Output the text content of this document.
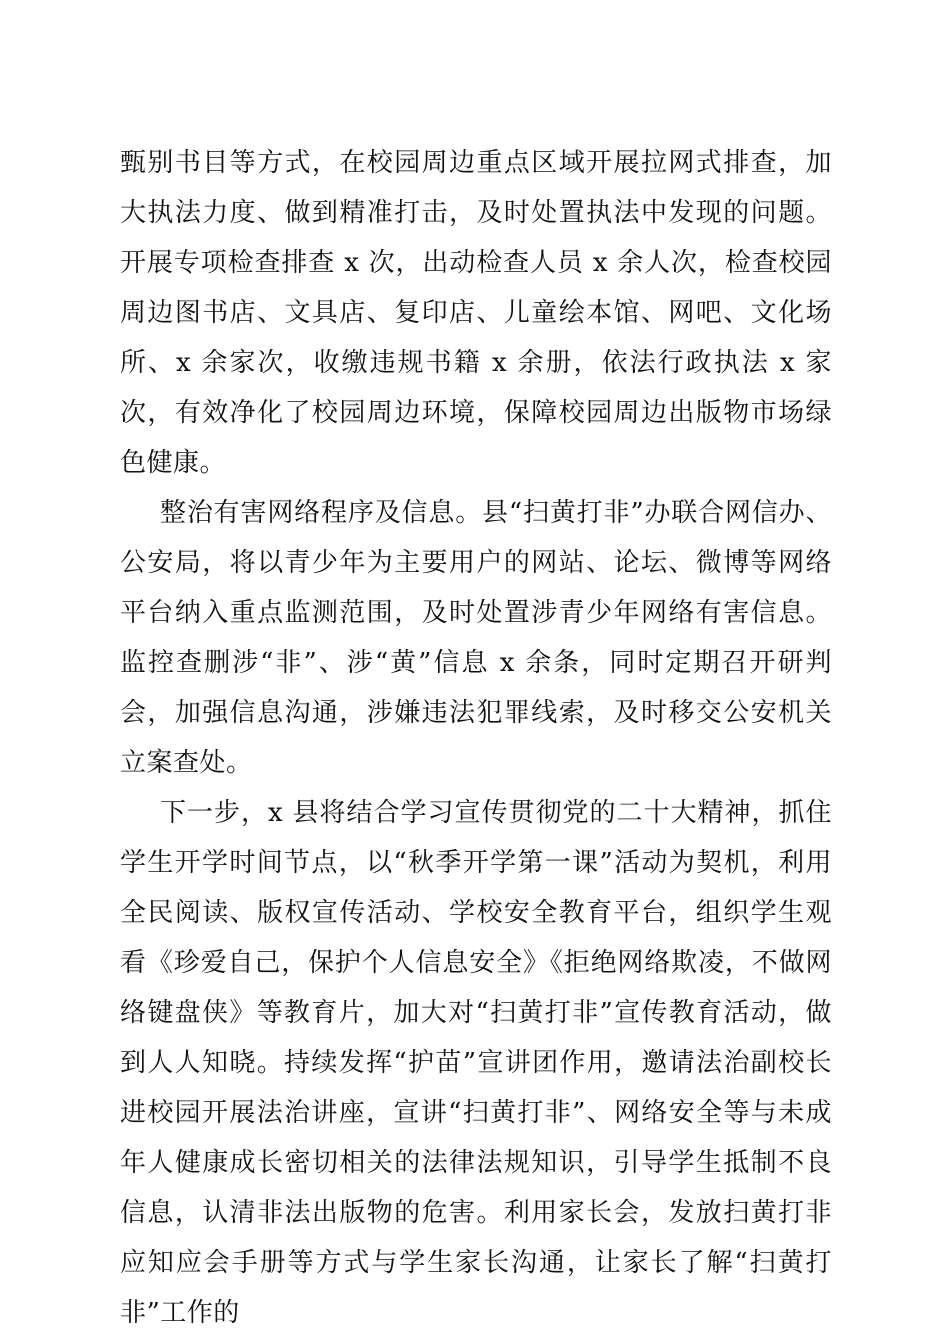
甄别书目等方式，在校园周边重点区域开展拉网式排查，加大执法力度、做到精准打击，及时处置执法中发现的问题。开展专项检查排查 x 次，出动检查人员 x 余人次，检查校园周边图书店、文具店、复印店、儿童绘本馆、网吧、文化场所、x 余家次，收缴违规书籍 x 余册，依法行政执法 x 家次，有效净化了校园周边环境，保障校园周边出版物市场绿色健康。

整治有害网络程序及信息。县“扫黄打非”办联合网信办、公安局，将以青少年为主要用户的网站、论坛、微博等网络平台纳入重点监测范围，及时处置涉青少年网络有害信息。监控查删涉“非”、涉“黄”信息 x 余条，同时定期召开研判会，加强信息沟通，涉嫌违法犯罪线索，及时移交公安机关立案查处。

下一步，x 县将结合学习宣传贯彻党的二十大精神，抓住学生开学时间节点，以“秋季开学第一课”活动为契机，利用全民阅读、版权宣传活动、学校安全教育平台，组织学生观看《珍爱自己，保护个人信息安全》《拒绝网络欺凌，不做网络键盘侠》等教育片，加大对“扫黄打非”宣传教育活动，做到人人知晓。持续发挥“护苗”宣讲团作用，邀请法治副校长进校园开展法治讲座，宣讲“扫黄打非”、网络安全等与未成年人健康成长密切相关的法律法规知识，引导学生抵制不良信息，认清非法出版物的危害。利用家长会，发放扫黄打非应知应会手册等方式与学生家长沟通，让家长了解“扫黄打非”工作的
